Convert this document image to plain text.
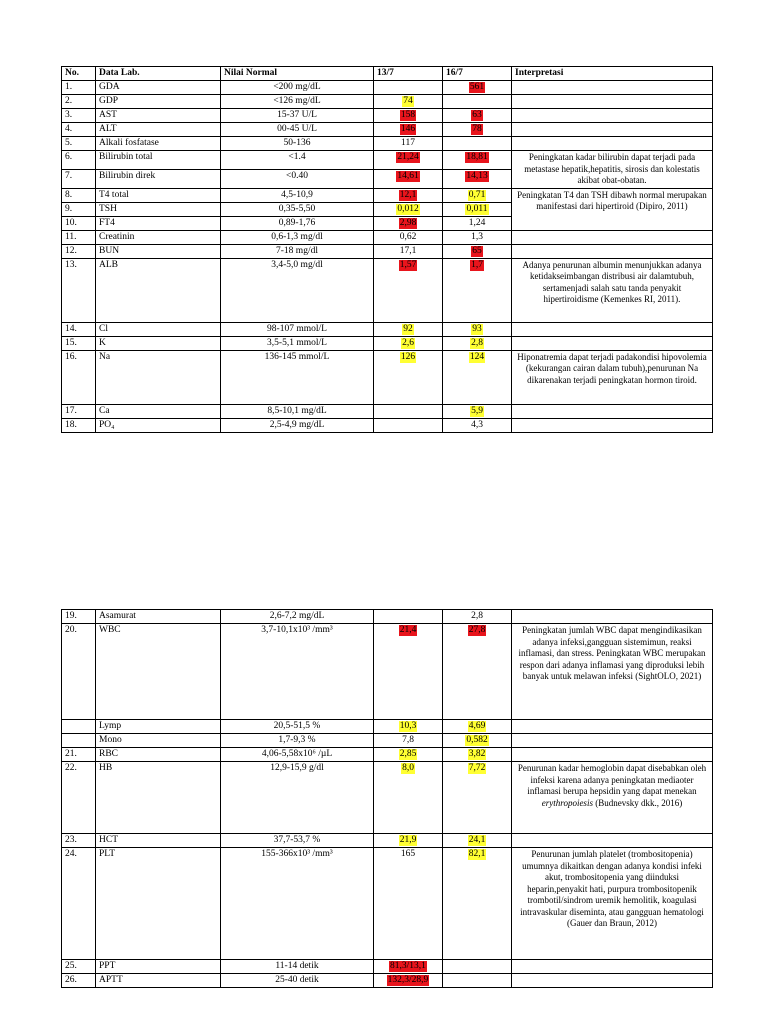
No.	Data Lab.	Nilai Normal	13/7	16/7	Interpretasi
1.	GDA	<200 mg/dL		561	
2.	GDP	<126 mg/dL	74		
3.	AST	15-37 U/L	158	63	
4.	ALT	00-45 U/L	146	78	
5.	Alkali fosfatase	50-136	117		
6.	Bilirubin total	<1.4	21,24	18,81	Peningkatan kadar bilirubin dapat terjadi pada metastase hepatik,hepatitis, sirosis dan kolestatis akibat obat-obatan.
7.	Bilirubin direk	<0.40	14,61	14,13	
8.	T4 total	4,5-10,9	12,1	0,71	Peningkatan T4 dan TSH dibawh normal merupakan manifestasi dari hipertiroid (Dipiro, 2011)
9.	TSH	0,35-5,50	0,012	0,011	
10.	FT4	0,89-1,76	2,98	1,24	
11.	Creatinin	0,6-1,3 mg/dl	0,62	1,3	
12.	BUN	7-18 mg/dl	17,1	65	
13.	ALB	3,4-5,0 mg/dl	1,57	1,7	Adanya penurunan albumin menunjukkan adanya ketidakseimbangan distribusi air dalamtubuh, sertamenjadi salah satu tanda penyakit hipertiroidisme (Kemenkes RI, 2011).
14.	Cl	98-107 mmol/L	92	93	
15.	K	3,5-5,1 mmol/L	2,6	2,8	
16.	Na	136-145 mmol/L	126	124	Hiponatremia dapat terjadi padakondisi hipovolemia (kekurangan cairan dalam tubuh),penurunan Na dikarenakan terjadi peningkatan hormon tiroid.
17.	Ca	8,5-10,1 mg/dL		5,9	
18.	PO₄	2,5-4,9 mg/dL		4,3	
19.	Asamurat	2,6-7,2 mg/dL		2,8	
20.	WBC	3,7-10,1x10³ /mm³	21,4	27,8	Peningkatan jumlah WBC dapat mengindikasikan adanya infeksi,gangguan sistemimun, reaksi inflamasi, dan stress. Peningkatan WBC merupakan respon dari adanya inflamasi yang diproduksi lebih banyak untuk melawan infeksi (SightOLO, 2021)
	Lymp	20,5-51,5 %	10,3	4,69	
	Mono	1,7-9,3 %	7,8	0,582	
21.	RBC	4,06-5,58x10⁶ /µL	2,85	3,82	
22.	HB	12,9-15,9 g/dl	8,0	7,72	Penurunan kadar hemoglobin dapat disebabkan oleh infeksi karena adanya peningkatan mediaoter inflamasi berupa hepsidin yang dapat menekan erythropoiesis (Budnevsky dkk., 2016)
23.	HCT	37,7-53,7 %	21,9	24,1	
24.	PLT	155-366x10³ /mm³	165	82,1	Penurunan jumlah platelet (trombositopenia) umumnya dikaitkan dengan adanya kondisi infeki akut, trombositopenia yang diinduksi heparin,penyakit hati, purpura trombositopenik trombotil/sindrom uremik hemolitik, koagulasi intravaskular diseminta, atau gangguan hematologi (Gauer dan Braun, 2012)
25.	PPT	11-14 detik	81,3/13,1		
26.	APTT	25-40 detik	132,3/28,9		
